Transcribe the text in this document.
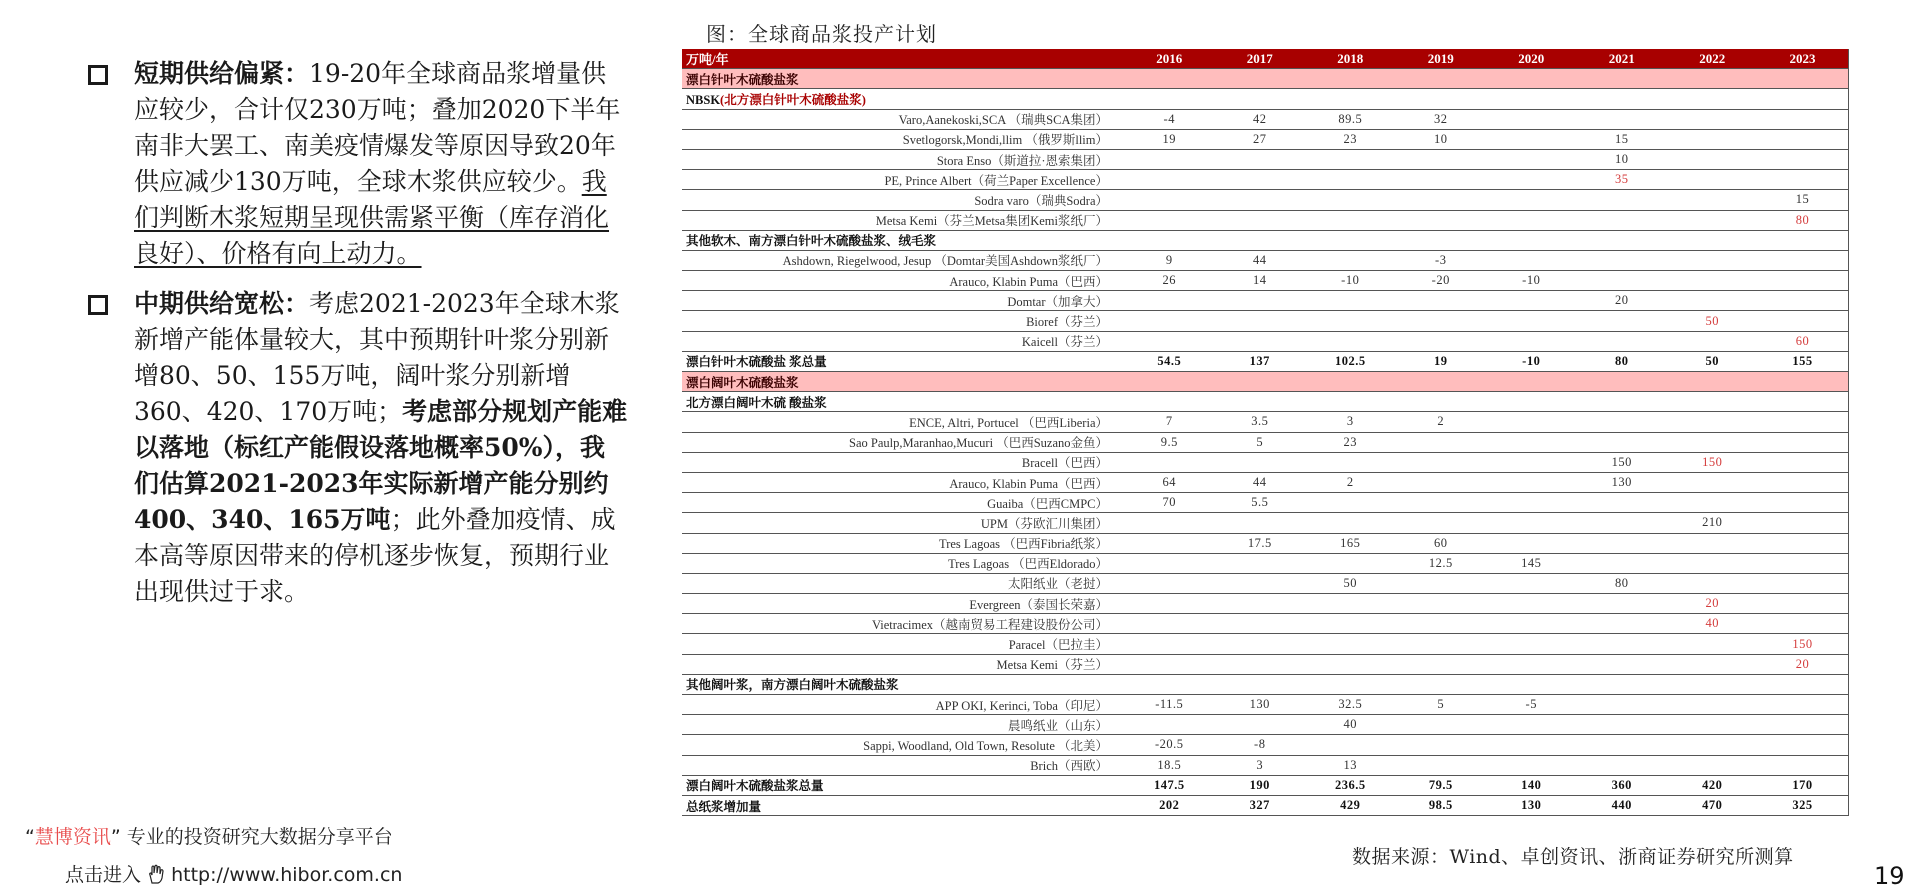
短期供给偏紧：19-20年全球商品浆增量供应较少，合计仅230万吨；叠加2020下半年南非大罢工、南美疫情爆发等原因导致20年供应减少130万吨，全球木浆供应较少。我们判断木浆短期呈现供需紧平衡（库存消化良好）、价格有向上动力。
中期供给宽松：考虑2021-2023年全球木浆新增产能体量较大，其中预期针叶浆分别新增80、50、155万吨，阔叶浆分别新增360、420、170万吨；考虑部分规划产能难以落地（标红产能假设落地概率50%），我们估算2021-2023年实际新增产能分别约400、340、165万吨；此外叠加疫情、成本高等原因带来的停机逐步恢复，预期行业出现供过于求。
图：全球商品浆投产计划
万吨/年	2016	2017	2018	2019	2020	2021	2022	2023
漂白针叶木硫酸盐浆								
NBSK(北方漂白针叶木硫酸盐浆)								
Varo,Aanekoski,SCA （瑞典SCA集团）	-4	42	89.5	32				
Svetlogorsk,Mondi,llim （俄罗斯llim）	19	27	23	10		15		
Stora Enso（斯道拉·恩索集团）						10		
PE, Prince Albert（荷兰Paper Excellence）						35		
Sodra varo（瑞典Sodra）								15
Metsa Kemi（芬兰Metsa集团Kemi浆纸厂）								80
其他软木、南方漂白针叶木硫酸盐浆、绒毛浆								
Ashdown, Riegelwood, Jesup （Domtar美国Ashdown浆纸厂）	9	44		-3				
Arauco, Klabin Puma（巴西）	26	14	-10	-20	-10			
Domtar（加拿大）						20		
Bioref（芬兰）							50	
Kaicell（芬兰）								60
漂白针叶木硫酸盐 浆总量	54.5	137	102.5	19	-10	80	50	155
漂白阔叶木硫酸盐浆								
北方漂白阔叶木硫 酸盐浆								
ENCE, Altri, Portucel （巴西Liberia）	7	3.5	3	2				
Sao Paulp,Maranhao,Mucuri （巴西Suzano金鱼）	9.5	5	23					
Bracell（巴西）						150	150	
Arauco, Klabin Puma（巴西）	64	44	2			130		
Guaiba（巴西CMPC）	70	5.5						
UPM（芬欧汇川集团）							210	
Tres Lagoas （巴西Fibria纸浆）		17.5	165	60				
Tres Lagoas （巴西Eldorado）				12.5	145			
太阳纸业（老挝）			50			80		
Evergreen（泰国长荣嘉）							20	
Vietracimex（越南贸易工程建设股份公司）							40	
Paracel（巴拉圭）								150
Metsa Kemi（芬兰）								20
其他阔叶浆，南方漂白阔叶木硫酸盐浆								
APP OKI, Kerinci, Toba（印尼）	-11.5	130	32.5	5	-5			
晨鸣纸业（山东）			40					
Sappi, Woodland, Old Town, Resolute （北美）	-20.5	-8						
Brich（西欧）	18.5	3	13					
漂白阔叶木硫酸盐浆总量	147.5	190	236.5	79.5	140	360	420	170
总纸浆增加量	202	327	429	98.5	130	440	470	325
数据来源：Wind、卓创资讯、浙商证券研究所测算
19
“慧博资讯” 专业的投资研究大数据分享平台
点击进入 http://www.hibor.com.cn
